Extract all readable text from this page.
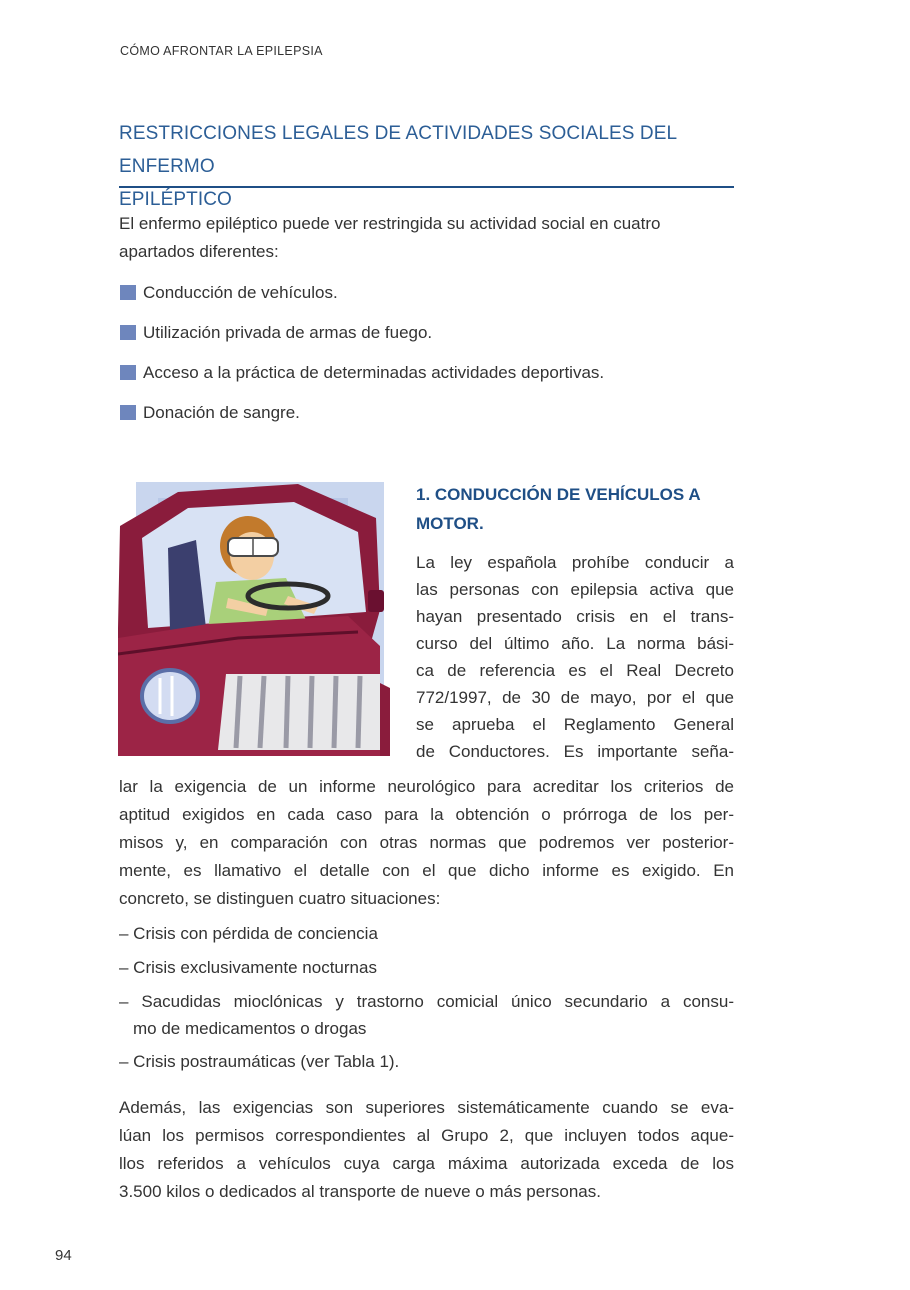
CÓMO AFRONTAR LA EPILEPSIA
RESTRICCIONES LEGALES DE ACTIVIDADES SOCIALES DEL ENFERMO
EPILÉPTICO
El enfermo epiléptico puede ver restringida su actividad social en cuatro
apartados diferentes:
Conducción de vehículos.
Utilización privada de armas de fuego.
Acceso a la práctica de determinadas actividades deportivas.
Donación de sangre.
1. CONDUCCIÓN DE VEHÍCULOS A
MOTOR.

La ley española prohíbe conducir a
las personas con epilepsia activa que
hayan presentado crisis en el trans-
curso del último año. La norma bási-
ca de referencia es el Real Decreto
772/1997, de 30 de mayo, por el que
se aprueba el Reglamento General
de Conductores. Es importante seña-

lar la exigencia de un informe neurológico para acreditar los criterios de
aptitud exigidos en cada caso para la obtención o prórroga de los per-
misos y, en comparación con otras normas que podremos ver posterior-
mente, es llamativo el detalle con el que dicho informe es exigido. En
concreto, se distinguen cuatro situaciones:

– Crisis con pérdida de conciencia
– Crisis exclusivamente nocturnas
– Sacudidas mioclónicas y trastorno comicial único secundario a consu-
mo de medicamentos o drogas
– Crisis postraumáticas (ver Tabla 1).

Además, las exigencias son superiores sistemáticamente cuando se eva-
lúan los permisos correspondientes al Grupo 2, que incluyen todos aque-
llos referidos a vehículos cuya carga máxima autorizada exceda de los
3.500 kilos o dedicados al transporte de nueve o más personas.

94
